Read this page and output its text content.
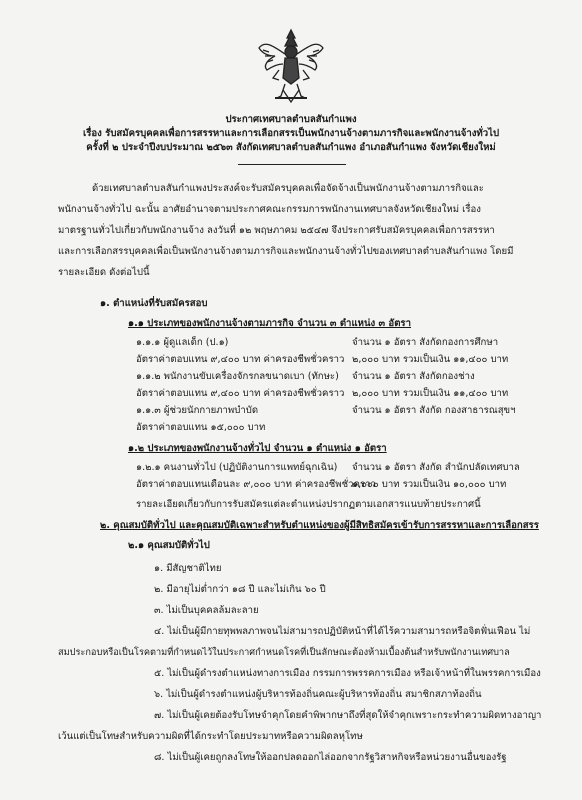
ประกาศเทศบาลตำบลสันกำแพง
เรื่อง รับสมัครบุคคลเพื่อการสรรหาและการเลือกสรรเป็นพนักงานจ้างตามภารกิจและพนักงานจ้างทั่วไป
ครั้งที่ ๒ ประจำปีงบประมาณ ๒๕๖๓ สังกัดเทศบาลตำบลสันกำแพง อำเภอสันกำแพง จังหวัดเชียงใหม่
ด้วยเทศบาลตำบลสันกำแพงประสงค์จะรับสมัครบุคคลเพื่อจัดจ้างเป็นพนักงานจ้างตามภารกิจและ
พนักงานจ้างทั่วไป ฉะนั้น อาศัยอำนาจตามประกาศคณะกรรมการพนักงานเทศบาลจังหวัดเชียงใหม่ เรื่อง
มาตรฐานทั่วไปเกี่ยวกับพนักงานจ้าง ลงวันที่ ๑๒ พฤษภาคม ๒๕๔๗ จึงประกาศรับสมัครบุคคลเพื่อการสรรหา
และการเลือกสรรบุคคลเพื่อเป็นพนักงานจ้างตามภารกิจและพนักงานจ้างทั่วไปของเทศบาลตำบลสันกำแพง โดยมี
รายละเอียด ดังต่อไปนี้
๑. ตำแหน่งที่รับสมัครสอบ
๑.๑ ประเภทของพนักงานจ้างตามภารกิจ จำนวน ๓ ตำแหน่ง ๓ อัตรา
๑.๑.๑ ผู้ดูแลเด็ก (ป.๑)	จำนวน ๑ อัตรา สังกัดกองการศึกษา
อัตราค่าตอบแทน ๙,๔๐๐ บาท ค่าครองชีพชั่วคราว ๒,๐๐๐ บาท รวมเป็นเงิน ๑๑,๔๐๐ บาท
๑.๑.๒ พนักงานขับเครื่องจักรกลขนาดเบา (ทักษะ) จำนวน ๑ อัตรา สังกัดกองช่าง
อัตราค่าตอบแทน ๙,๔๐๐ บาท ค่าครองชีพชั่วคราว ๒,๐๐๐ บาท รวมเป็นเงิน ๑๑,๔๐๐ บาท
๑.๑.๓ ผู้ช่วยนักกายภาพบำบัด	จำนวน ๑ อัตรา สังกัด กองสาธารณสุขฯ
อัตราค่าตอบแทน ๑๕,๐๐๐ บาท
๑.๒ ประเภทของพนักงานจ้างทั่วไป จำนวน ๑ ตำแหน่ง ๑ อัตรา
๑.๒.๑ คนงานทั่วไป (ปฏิบัติงานการแพทย์ฉุกเฉิน) จำนวน ๑ อัตรา สังกัด สำนักปลัดเทศบาล
อัตราค่าตอบแทนเดือนละ ๙,๐๐๐ บาท ค่าครองชีพชั่วคราว
๑,๐๐๐ บาท รวมเป็นเงิน ๑๐,๐๐๐ บาท
รายละเอียดเกี่ยวกับการรับสมัครแต่ละตำแหน่งปรากฏตามเอกสารแนบท้ายประกาศนี้
๒. คุณสมบัติทั่วไป และคุณสมบัติเฉพาะสำหรับตำแหน่งของผู้มีสิทธิสมัครเข้ารับการสรรหาและการเลือกสรร
๒.๑ คุณสมบัติทั่วไป
๑. มีสัญชาติไทย
๒. มีอายุไม่ต่ำกว่า ๑๘ ปี และไม่เกิน ๖๐ ปี
๓. ไม่เป็นบุคคลล้มละลาย
๔. ไม่เป็นผู้มีกายทุพพลภาพจนไม่สามารถปฏิบัติหน้าที่ได้ไร้ความสามารถหรือจิตฟั่นเฟือน ไม่
สมประกอบหรือเป็นโรคตามที่กำหนดไว้ในประกาศกำหนดโรคที่เป็นลักษณะต้องห้ามเบื้องต้นสำหรับพนักงานเทศบาล
๕. ไม่เป็นผู้ดำรงตำแหน่งทางการเมือง กรรมการพรรคการเมือง หรือเจ้าหน้าที่ในพรรคการเมือง
๖. ไม่เป็นผู้ดำรงตำแหน่งผู้บริหารท้องถิ่นคณะผู้บริหารท้องถิ่น สมาชิกสภาท้องถิ่น
๗. ไม่เป็นผู้เคยต้องรับโทษจำคุกโดยคำพิพากษาถึงที่สุดให้จำคุกเพราะกระทำความผิดทางอาญา
เว้นแต่เป็นโทษสำหรับความผิดที่ได้กระทำโดยประมาทหรือความผิดลหุโทษ
๘. ไม่เป็นผู้เคยถูกลงโทษให้ออกปลดออกไล่ออกจากรัฐวิสาหกิจหรือหน่วยงานอื่นของรัฐ
